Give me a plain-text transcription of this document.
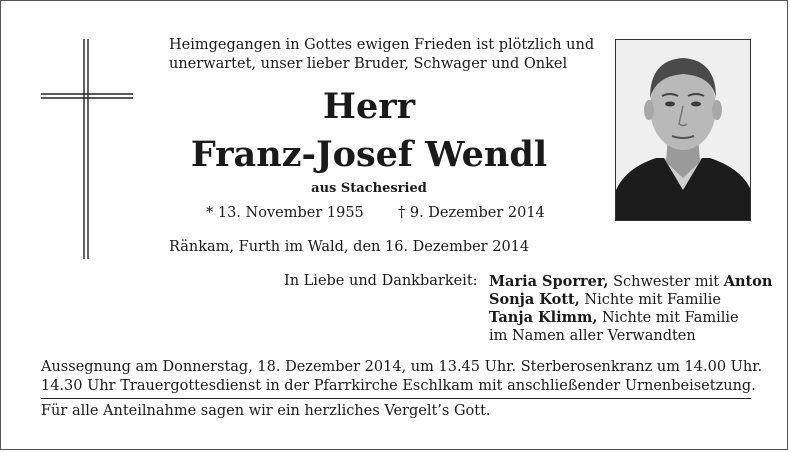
Heimgegangen in Gottes ewigen Frieden ist plötzlich und
unerwartet, unser lieber Bruder, Schwager und Onkel
Herr
Franz-Josef Wendl
aus Stachesried
* 13. November 1955 † 9. Dezember 2014
Ränkam, Furth im Wald, den 16. Dezember 2014
In Liebe und Dankbarkeit: Maria Sporrer, Schwester mit Anton
Sonja Kott, Nichte mit Familie
Tanja Klimm, Nichte mit Familie
im Namen aller Verwandten
Aussegnung am Donnerstag, 18. Dezember 2014, um 13.45 Uhr. Sterberosenkranz um 14.00 Uhr.
14.30 Uhr Trauergottesdienst in der Pfarrkirche Eschlkam mit anschließender Urnenbeisetzung.
Für alle Anteilnahme sagen wir ein herzliches Vergelt’s Gott.
